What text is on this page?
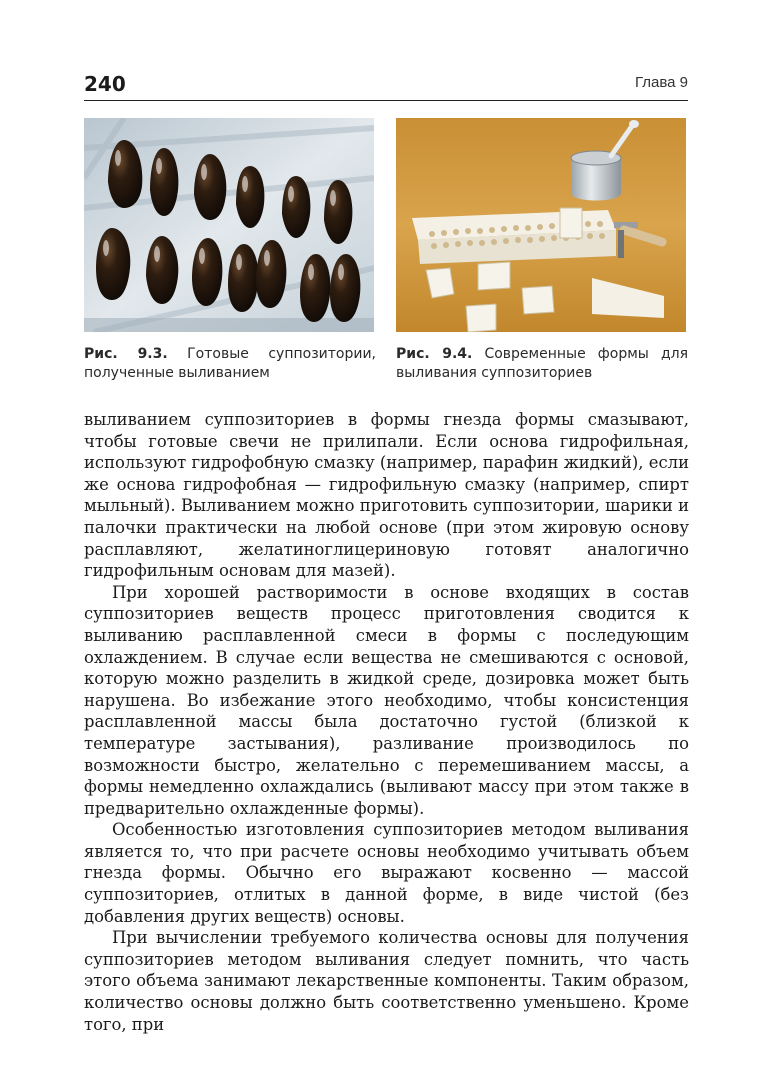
240	Глава 9
Рис. 9.3. Готовые суппозитории, полученные выливанием
Рис. 9.4. Современные формы для выливания суппозиториев

выливанием суппозиториев в формы гнезда формы смазывают, чтобы готовые свечи не прилипали. Если основа гидрофильная, используют гидрофобную смазку (например, парафин жидкий), если же основа гидрофобная — гидрофильную смазку (например, спирт мыльный). Выливанием можно приготовить суппозитории, шарики и палочки практически на любой основе (при этом жировую основу расплавляют, желатиноглицериновую готовят аналогично гидрофильным основам для мазей).

При хорошей растворимости в основе входящих в состав суппозиториев веществ процесс приготовления сводится к выливанию расплавленной смеси в формы с последующим охлаждением. В случае если вещества не смешиваются с основой, которую можно разделить в жидкой среде, дозировка может быть нарушена. Во избежание этого необходимо, чтобы консистенция расплавленной массы была достаточно густой (близкой к температуре застывания), разливание производилось по возможности быстро, желательно с перемешиванием массы, а формы немедленно охлаждались (выливают массу при этом также в предварительно охлажденные формы).

Особенностью изготовления суппозиториев методом выливания является то, что при расчете основы необходимо учитывать объем гнезда формы. Обычно его выражают косвенно — массой суппозиториев, отлитых в данной форме, в виде чистой (без добавления других веществ) основы.

При вычислении требуемого количества основы для получения суппозиториев методом выливания следует помнить, что часть этого объема занимают лекарственные компоненты. Таким образом, количество основы должно быть соответственно уменьшено. Кроме того, при
